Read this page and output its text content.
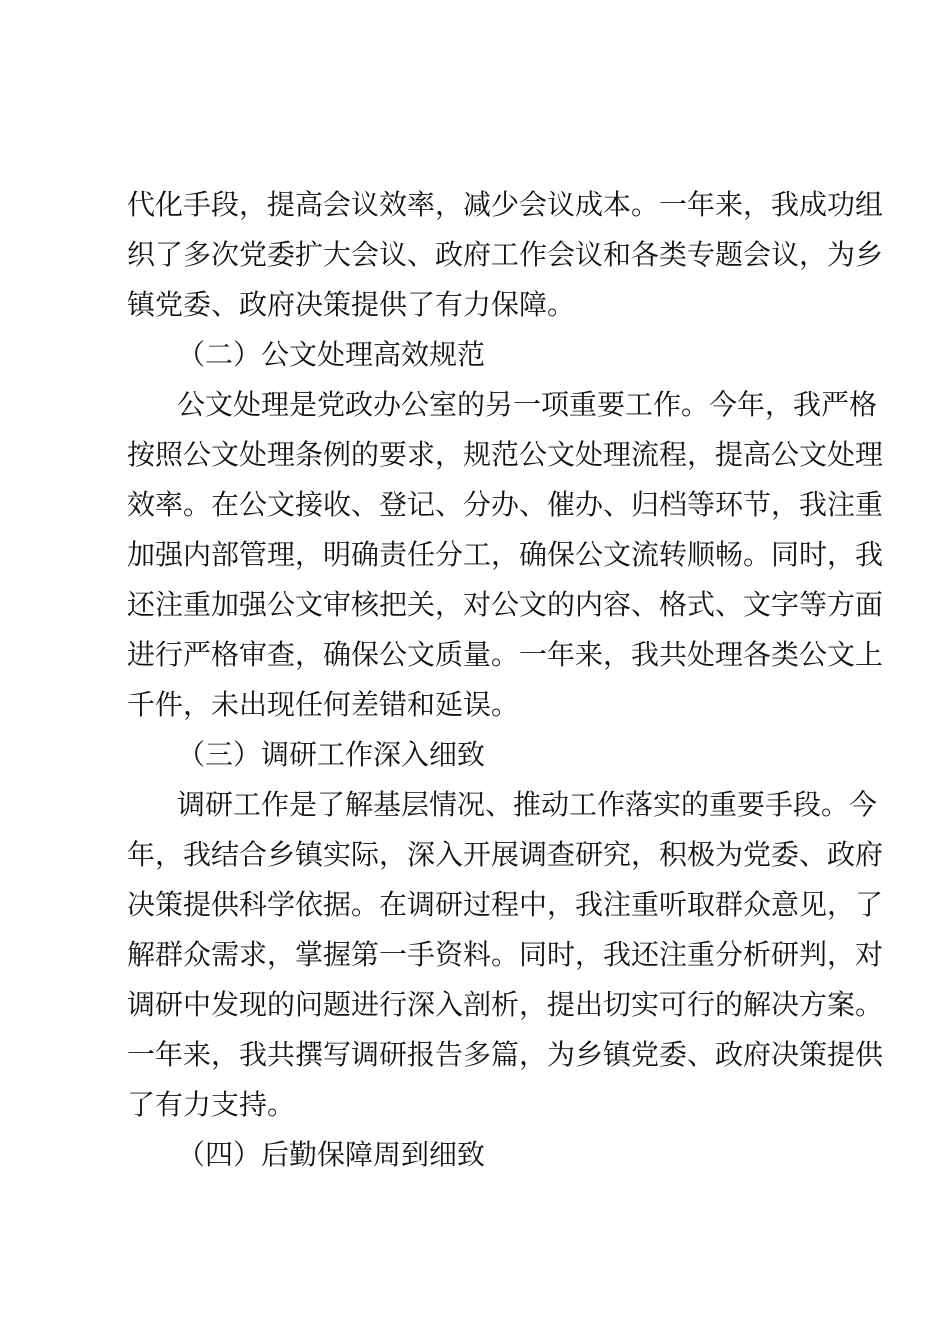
代化手段，提高会议效率，减少会议成本。一年来，我成功组
织了多次党委扩大会议、政府工作会议和各类专题会议，为乡
镇党委、政府决策提供了有力保障。
（二）公文处理高效规范
公文处理是党政办公室的另一项重要工作。今年，我严格
按照公文处理条例的要求，规范公文处理流程，提高公文处理
效率。在公文接收、登记、分办、催办、归档等环节，我注重
加强内部管理，明确责任分工，确保公文流转顺畅。同时，我
还注重加强公文审核把关，对公文的内容、格式、文字等方面
进行严格审查，确保公文质量。一年来，我共处理各类公文上
千件，未出现任何差错和延误。
（三）调研工作深入细致
调研工作是了解基层情况、推动工作落实的重要手段。今
年，我结合乡镇实际，深入开展调查研究，积极为党委、政府
决策提供科学依据。在调研过程中，我注重听取群众意见，了
解群众需求，掌握第一手资料。同时，我还注重分析研判，对
调研中发现的问题进行深入剖析，提出切实可行的解决方案。
一年来，我共撰写调研报告多篇，为乡镇党委、政府决策提供
了有力支持。
（四）后勤保障周到细致
